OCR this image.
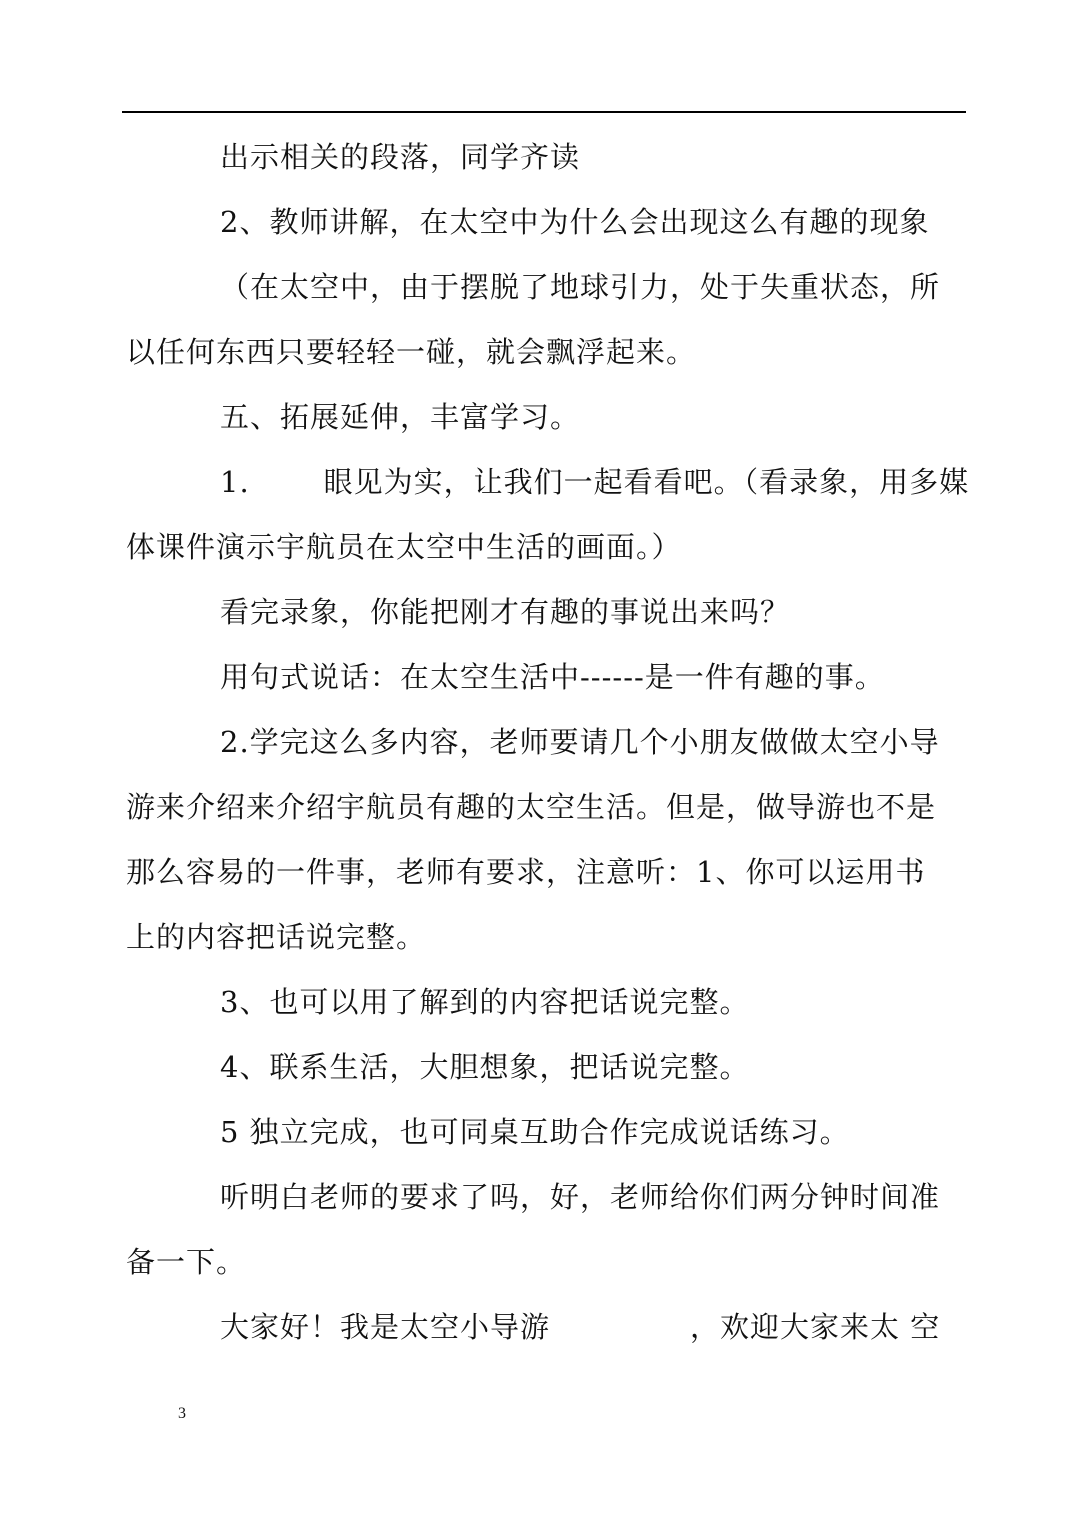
出示相关的段落，同学齐读
2、教师讲解，在太空中为什么会出现这么有趣的现象
（在太空中，由于摆脱了地球引力，处于失重状态，所
以任何东西只要轻轻一碰，就会飘浮起来。
五、拓展延伸，丰富学习。
1.	眼见为实，让我们一起看看吧。（看录象，用多媒
体课件演示宇航员在太空中生活的画面。）
看完录象，你能把刚才有趣的事说出来吗？
用句式说话：在太空生活中------是一件有趣的事。
2.学完这么多内容，老师要请几个小朋友做做太空小导
游来介绍来介绍宇航员有趣的太空生活。但是，做导游也不是
那么容易的一件事，老师有要求，注意听：1、你可以运用书
上的内容把话说完整。
3、也可以用了解到的内容把话说完整。
4、联系生活，大胆想象，把话说完整。
5 独立完成，也可同桌互助合作完成说话练习。
听明白老师的要求了吗，好，老师给你们两分钟时间准
备一下。
大家好！我是太空小导游	，欢迎大家来太 空
3
